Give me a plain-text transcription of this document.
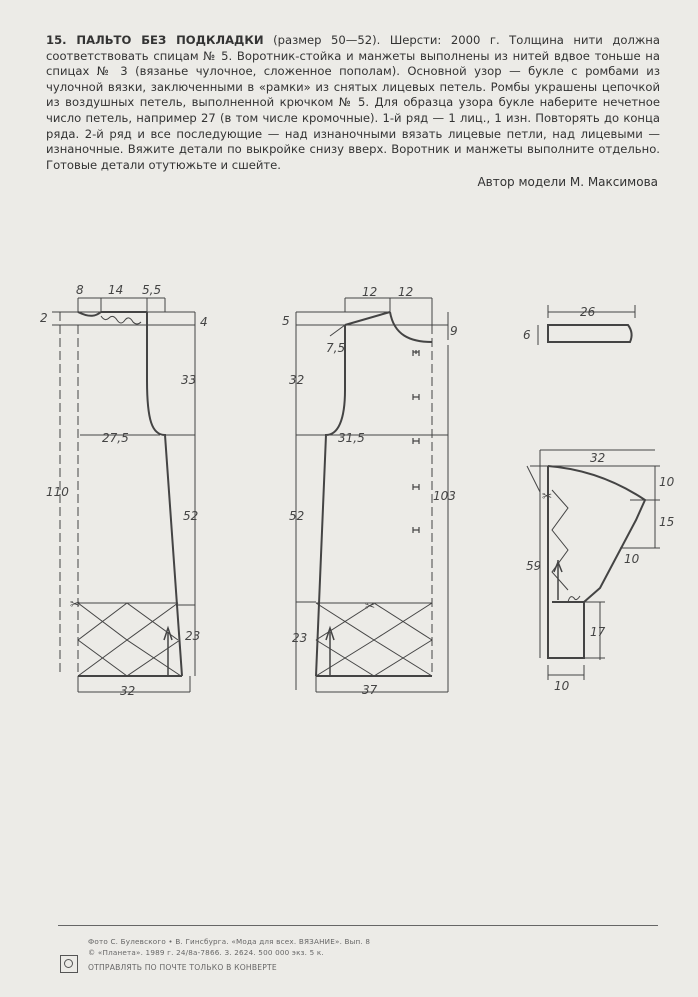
15. ПАЛЬТО БЕЗ ПОДКЛАДКИ (размер 50—52). Шерсти: 2000 г. Толщина нити должна соответствовать спицам № 5. Воротник-стойка и манжеты выполнены из нитей вдвое тоньше на спицах № 3 (вязанье чулочное, сложенное пополам). Основной узор — букле с ромбами из чулочной вязки, заключенными в «рамки» из снятых лицевых петель. Ромбы украшены цепочкой из воздушных петель, выполненной крючком № 5. Для образца узора букле наберите нечетное число петель, например 27 (в том числе кромочные). 1-й ряд — 1 лиц., 1 изн. Повторять до конца ряда. 2-й ряд и все последующие — над изнаночными вязать лицевые петли, над лицевыми — изнаночные. Вяжите детали по выкройке снизу вверх. Воротник и манжеты выполните отдельно. Готовые детали отутюжьте и сшейте.

Автор модели М. Максимова
✂
8 14 5,5
2	4
33
27,5
110
52
23
32
✂
12 12
5
9
7,5
32
31,5
103
52
23
37
26
6
✂
32
10
15
10
59
17
10
Фото С. Булевского • В. Гинсбурга. «Мода для всех. ВЯЗАНИЕ». Вып. 8
© «Планета». 1989 г. 24/8а-7866. З. 2624. 500 000 экз. 5 к.
ОТПРАВЛЯТЬ ПО ПОЧТЕ ТОЛЬКО В КОНВЕРТЕ
